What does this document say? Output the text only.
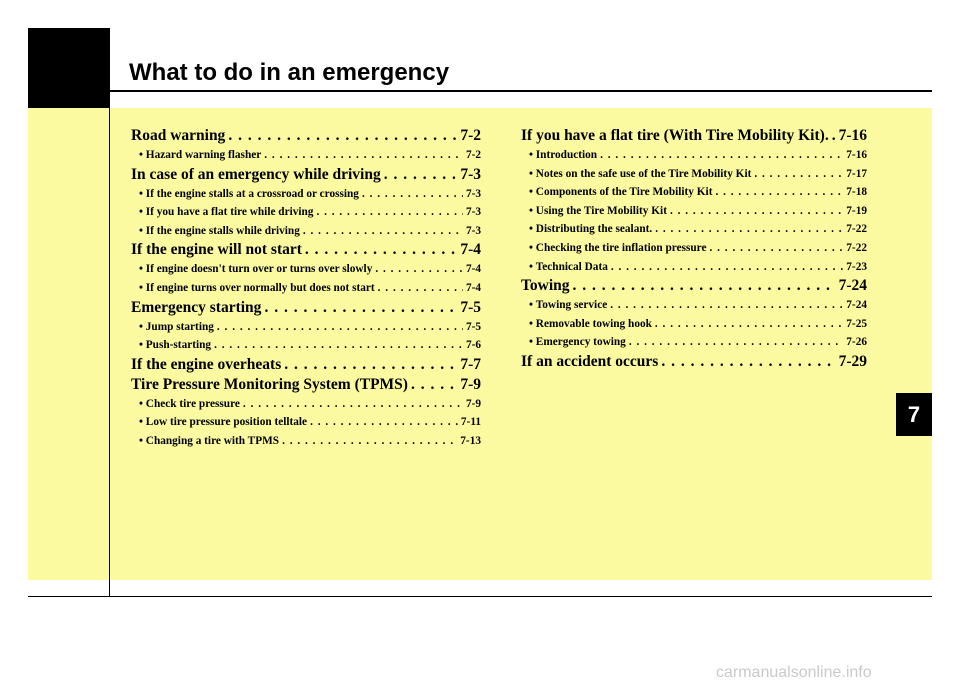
What to do in an emergency
Road warning . . .	7-2
• Hazard warning flasher . . .	7-2
In case of an emergency while driving . . .	7-3
• If the engine stalls at a crossroad or crossing . . .	7-3
• If you have a flat tire while driving . . .	7-3
• If the engine stalls while driving . . .	7-3
If the engine will not start . . .	7-4
• If engine doesn't turn over or turns over slowly . . .	7-4
• If engine turns over normally but does not start . . .	7-4
Emergency starting . . .	7-5
• Jump starting . . .	7-5
• Push-starting . . .	7-6
If the engine overheats . . .	7-7
Tire Pressure Monitoring System (TPMS) . . .	7-9
• Check tire pressure . . .	7-9
• Low tire pressure position telltale . . .	7-11
• Changing a tire with TPMS . . .	7-13
If you have a flat tire (With Tire Mobility Kit). . . . 7-16
• Introduction . . .	7-16
• Notes on the safe use of the Tire Mobility Kit . . .	7-17
• Components of the Tire Mobility Kit . . .	7-18
• Using the Tire Mobility Kit . . .	7-19
• Distributing the sealant. . . .	7-22
• Checking the tire inflation pressure . . .	7-22
• Technical Data . . .	7-23
Towing . . .	7-24
• Towing service . . .	7-24
• Removable towing hook . . .	7-25
• Emergency towing . . .	7-26
If an accident occurs . . .	7-29
7
carmanualsonline.info
